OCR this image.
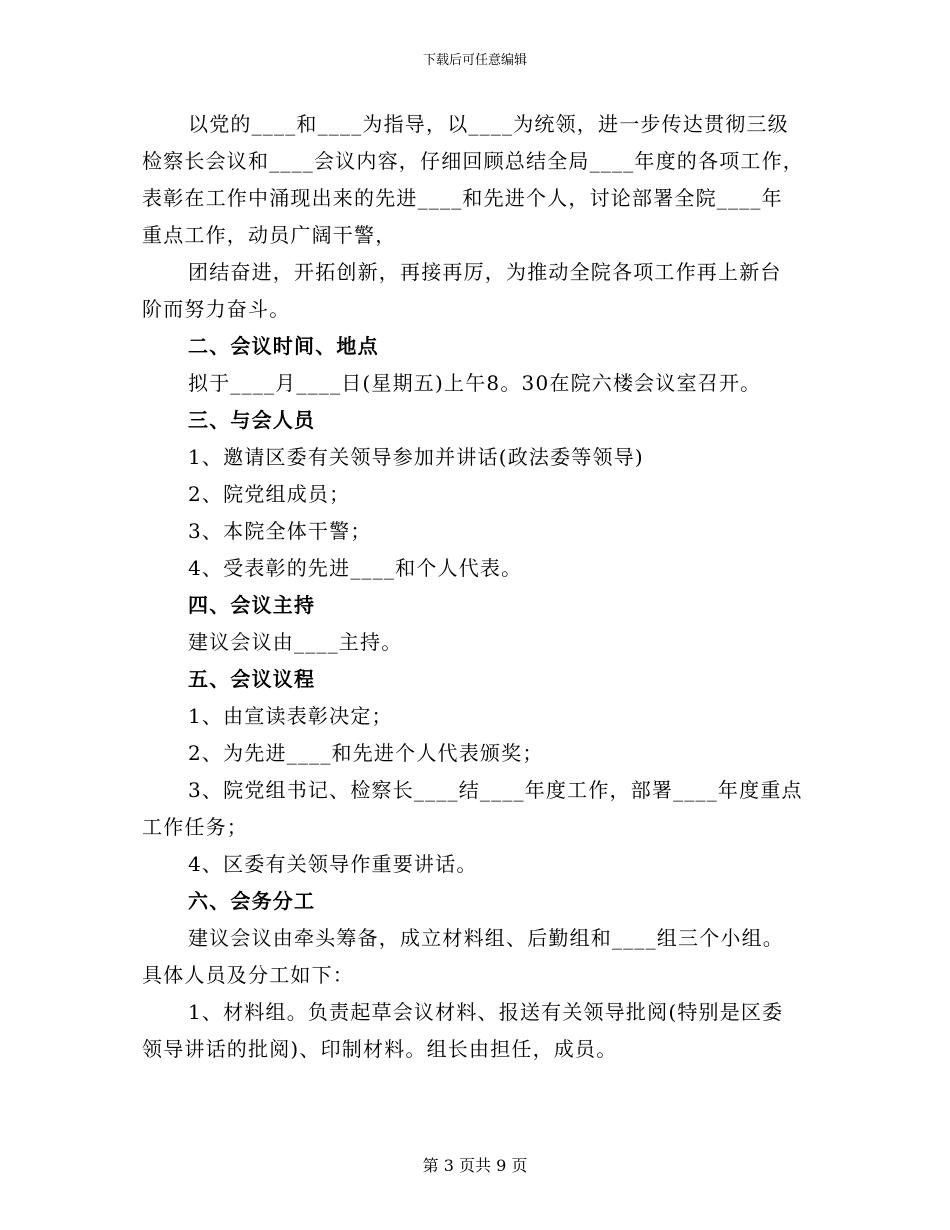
下载后可任意编辑
以党的____和____为指导，以____为统领，进一步传达贯彻三级
检察长会议和____会议内容，仔细回顾总结全局____年度的各项工作，
表彰在工作中涌现出来的先进____和先进个人，讨论部署全院____年
重点工作，动员广阔干警，
团结奋进，开拓创新，再接再厉，为推动全院各项工作再上新台
阶而努力奋斗。
二、会议时间、地点
拟于____月____日(星期五)上午8。30在院六楼会议室召开。
三、与会人员
1、邀请区委有关领导参加并讲话(政法委等领导)
2、院党组成员；
3、本院全体干警；
4、受表彰的先进____和个人代表。
四、会议主持
建议会议由____主持。
五、会议议程
1、由宣读表彰决定；
2、为先进____和先进个人代表颁奖；
3、院党组书记、检察长____结____年度工作，部署____年度重点
工作任务；
4、区委有关领导作重要讲话。
六、会务分工
建议会议由牵头筹备，成立材料组、后勤组和____组三个小组。
具体人员及分工如下：
1、材料组。负责起草会议材料、报送有关领导批阅(特别是区委
领导讲话的批阅)、印制材料。组长由担任，成员。
第 3 页共 9 页
